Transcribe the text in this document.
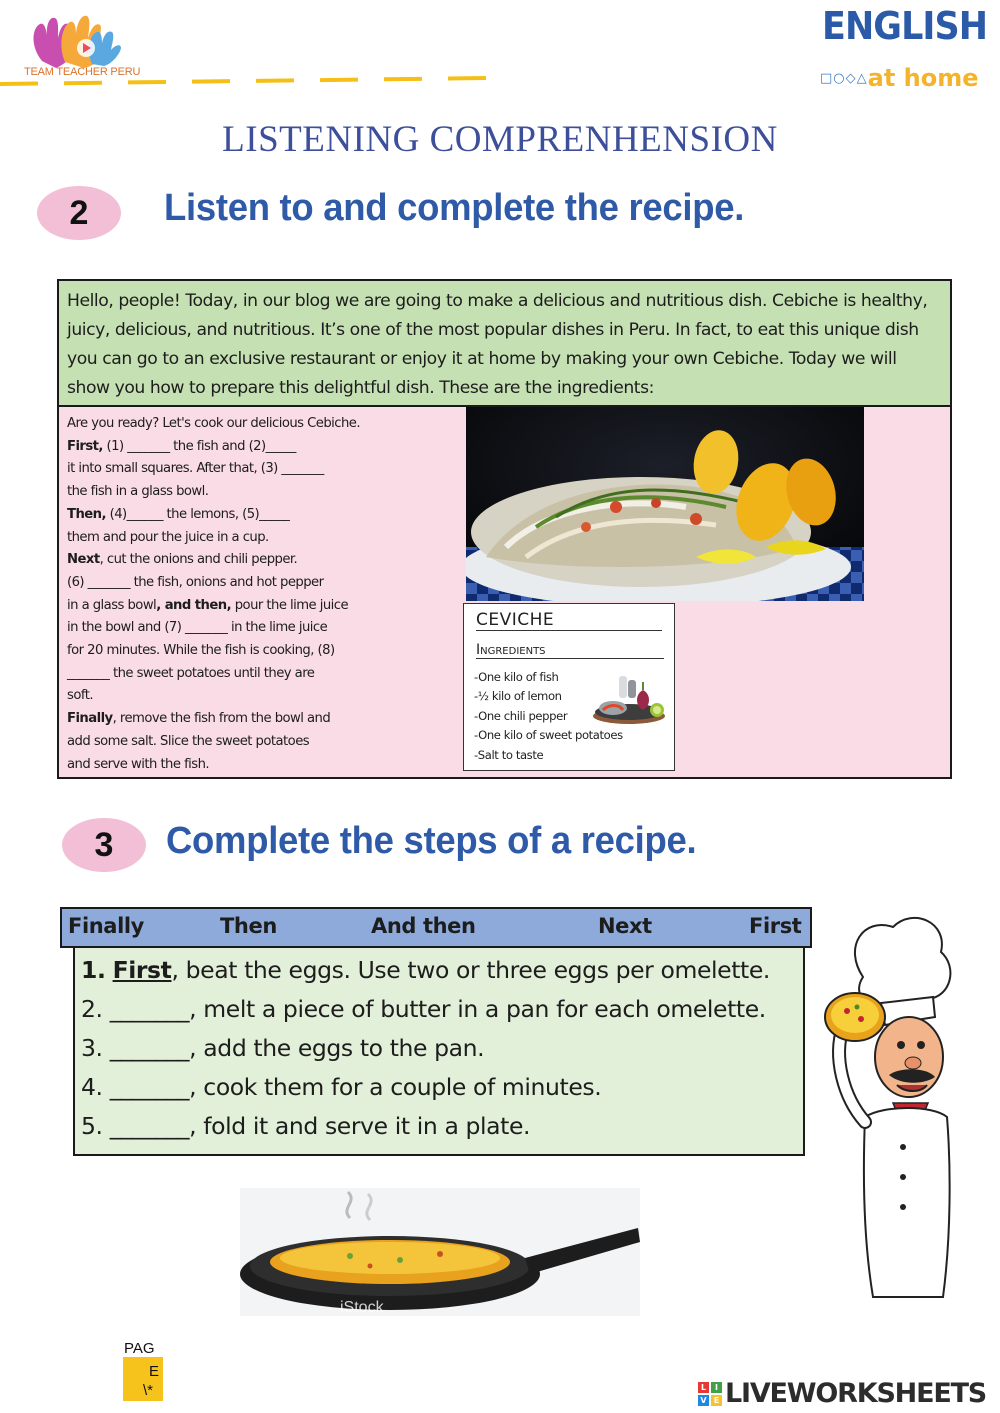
TEAM TEACHER PERU
ENGLISH
□○◇△at home
LISTENING COMPRENHENSION
2	Listen to and complete the recipe.
Hello, people! Today, in our blog we are going to make a delicious and nutritious dish. Cebiche is healthy,
juicy, delicious, and nutritious. It’s one of the most popular dishes in Peru. In fact, to eat this unique dish
you can go to an exclusive restaurant or enjoy it at home by making your own Cebiche. Today we will
show you how to prepare this delightful dish. These are the ingredients:
Are you ready? Let's cook our delicious Cebiche.
First, (1) _______ the fish and (2)_____
it into small squares. After that, (3) _______
the fish in a glass bowl.
Then, (4)______ the lemons, (5)_____
them and pour the juice in a cup.
Next, cut the onions and chili pepper.
(6) _______ the fish, onions and hot pepper
in a glass bowl, and then, pour the lime juice
in the bowl and (7) _______ in the lime juice
for 20 minutes. While the fish is cooking, (8)
_______ the sweet potatoes until they are
soft.
Finally, remove the fish from the bowl and
add some salt. Slice the sweet potatoes
and serve with the fish.
CEVICHE
Ingredients
-One kilo of fish
-½ kilo of lemon
-One chili pepper
-One kilo of sweet potatoes
-Salt to taste
3	Complete the steps of a recipe.
Finally	Then	And then	Next	First
1. First, beat the eggs. Use two or three eggs per omelette.
2. _______, melt a piece of butter in a pan for each omelette.
3. _______, add the eggs to the pan.
4. _______, cook them for a couple of minutes.
5. _______, fold it and serve it in a plate.
iStock
PAG
E
\*	L	I
V E LIVEWORKSHEETS
